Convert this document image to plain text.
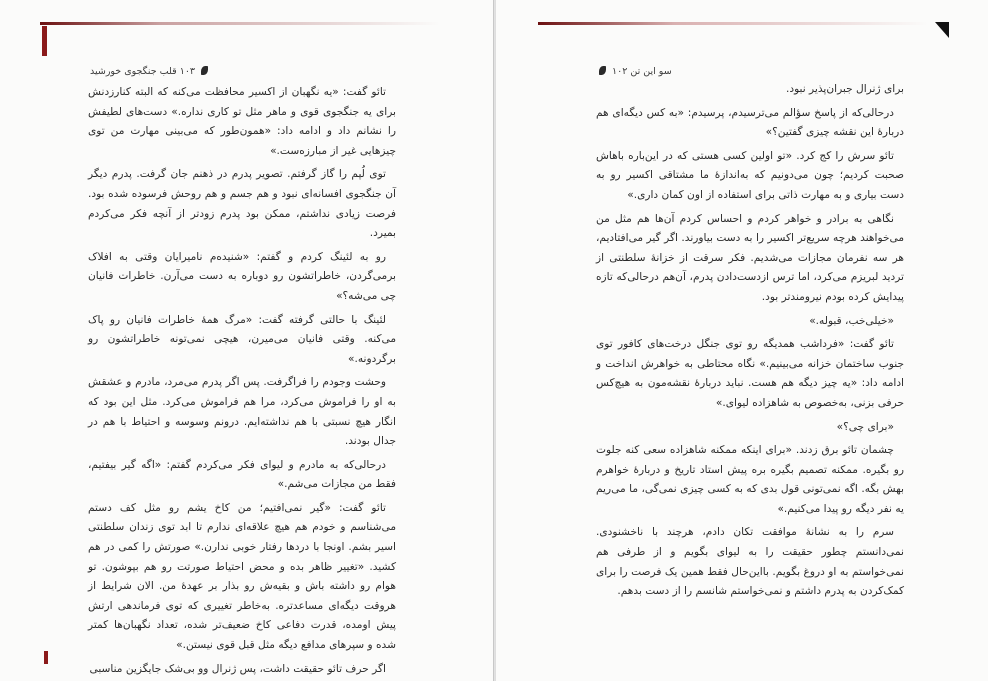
۱۰۳ قلب جنگجوی خورشید

تائو گفت: «یه نگهبان از اکسیر محافظت می‌کنه که البته کنارزدنش برای یه جنگجوی قوی و ماهر مثل تو کاری نداره.» دست‌های لطیفش را نشانم داد و ادامه داد: «همون‌طور که می‌بینی مهارت من توی چیزهایی غیر از مبارزه‌ست.»

توی لُپم را گاز گرفتم. تصویر پدرم در ذهنم جان گرفت. پدرم دیگر آن جنگجوی افسانه‌ای نبود و هم جسم و هم روحش فرسوده شده بود. فرصت زیادی نداشتم، ممکن بود پدرم زودتر از آنچه فکر می‌کردم بمیرد.

رو به لئینگ کردم و گفتم: «شنیده‌م نامیرایان وقتی به افلاک برمی‌گردن، خاطراتشون رو دوباره به دست می‌آرن. خاطرات فانیان چی می‌شه؟»

لئینگ با حالتی گرفته گفت: «مرگ همهٔ خاطرات فانیان رو پاک می‌کنه. وقتی فانیان می‌میرن، هیچی نمی‌تونه خاطراتشون رو برگردونه.»

وحشت وجودم را فراگرفت. پس اگر پدرم می‌مرد، مادرم و عشقش به او را فراموش می‌کرد، مرا هم فراموش می‌کرد. مثل این بود که انگار هیچ نسبتی با هم نداشته‌ایم. درونم وسوسه و احتیاط با هم در جدال بودند.

درحالی‌که به مادرم و لیوای فکر می‌کردم گفتم: «اگه گیر بیفتیم، فقط من مجازات می‌شم.»

تائو گفت: «گیر نمی‌افتیم؛ من کاخ یشم رو مثل کف دستم می‌شناسم و خودم هم هیچ علاقه‌ای ندارم تا ابد توی زندان سلطنتی اسیر بشم. اونجا با دردها رفتار خوبی ندارن.» صورتش را کمی در هم کشید. «تغییر ظاهر بده و محض احتیاط صورتت رو هم بپوشون. تو هوام رو داشته باش و بقیه‌ش رو بذار بر عهدهٔ من. الان شرایط از هروقت دیگه‌ای مساعدتره. به‌خاطر تغییری که توی فرماندهی ارتش پیش اومده، قدرت دفاعی کاخ ضعیف‌تر شده، تعداد نگهبان‌ها کمتر شده و سپرهای مدافع دیگه مثل قبل قوی نیستن.»

اگر حرف تائو حقیقت داشت، پس ژنرال وو بی‌شک جایگزین مناسبی

سو این تن ۱۰۲

برای ژنرال جبران‌پذیر نبود.

درحالی‌که از پاسخ سؤالم می‌ترسیدم، پرسیدم: «به کس دیگه‌ای هم دربارهٔ این نقشه چیزی گفتین؟»

تائو سرش را کج کرد. «تو اولین کسی هستی که در این‌باره باهاش صحبت کردیم؛ چون می‌دونیم که به‌اندازهٔ ما مشتاقی اکسیر رو به دست بیاری و به مهارت ذاتی برای استفاده از اون کمان داری.»

نگاهی به برادر و خواهر کردم و احساس کردم آن‌ها هم مثل من می‌خواهند هرچه سریع‌تر اکسیر را به دست بیاورند. اگر گیر می‌افتادیم، هر سه نفرمان مجازات می‌شدیم. فکر سرقت از خزانهٔ سلطنتی از تردید لبریزم می‌کرد، اما ترس ازدست‌دادن پدرم، آن‌هم درحالی‌که تازه پیدایش کرده بودم نیرومندتر بود.

«خیلی‌خب، قبوله.»

تائو گفت: «فرداشب همدیگه رو توی جنگل درخت‌های کافور توی جنوب ساختمان خزانه می‌بینیم.» نگاه محتاطی به خواهرش انداخت و ادامه داد: «یه چیز دیگه هم هست. نباید دربارهٔ نقشه‌مون به هیچ‌کس حرفی بزنی، به‌خصوص به شاهزاده لیوای.»

«برای چی؟»

چشمان تائو برق زدند. «برای اینکه ممکنه شاهزاده سعی کنه جلوت رو بگیره. ممکنه تصمیم بگیره بره پیش استاد تاریخ و دربارهٔ خواهرم بهش بگه. اگه نمی‌تونی قول بدی که به کسی چیزی نمی‌گی، ما می‌ریم یه نفر دیگه رو پیدا می‌کنیم.»

سرم را به نشانهٔ موافقت تکان دادم، هرچند با ناخشنودی. نمی‌دانستم چطور حقیقت را به لیوای بگویم و از طرفی هم نمی‌خواستم به او دروغ بگویم. بااین‌حال فقط همین یک فرصت را برای کمک‌کردن به پدرم داشتم و نمی‌خواستم شانسم را از دست بدهم.
